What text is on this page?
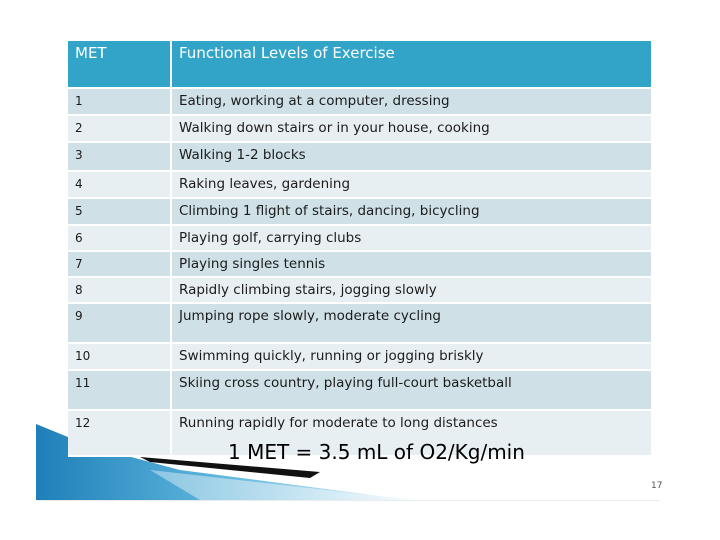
MET	Functional Levels of Exercise
1	Eating, working at a computer, dressing
2	Walking down stairs or in your house, cooking
3	Walking 1-2 blocks
4	Raking leaves, gardening
5	Climbing 1 flight of stairs, dancing, bicycling
6	Playing golf, carrying clubs
7	Playing singles tennis
8	Rapidly climbing stairs, jogging slowly
9	Jumping rope slowly, moderate cycling
10	Swimming quickly, running or jogging briskly
11	Skiing cross country, playing full-court basketball
12	Running rapidly for moderate to long distances
1 MET = 3.5 mL of O2/Kg/min
17
